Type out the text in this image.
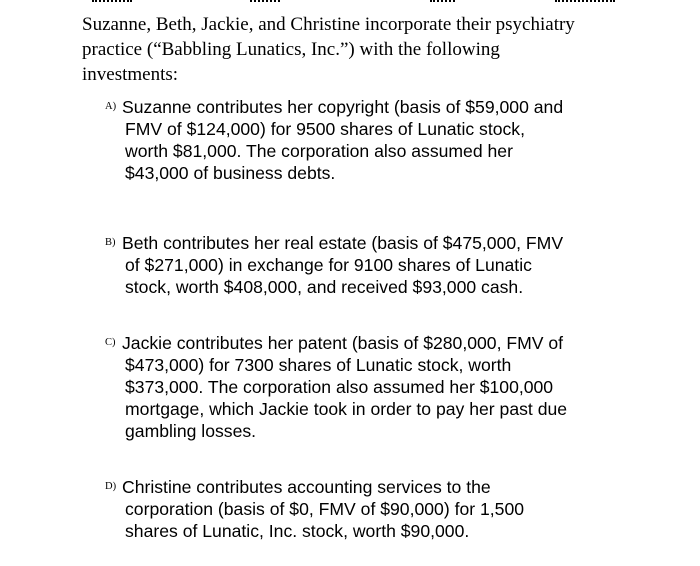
Suzanne, Beth, Jackie, and Christine incorporate their psychiatry
practice (“Babbling Lunatics, Inc.”) with the following
investments:
A) Suzanne contributes her copyright (basis of $59,000 and
FMV of $124,000) for 9500 shares of Lunatic stock,
worth $81,000. The corporation also assumed her
$43,000 of business debts.
B) Beth contributes her real estate (basis of $475,000, FMV
of $271,000) in exchange for 9100 shares of Lunatic
stock, worth $408,000, and received $93,000 cash.
C) Jackie contributes her patent (basis of $280,000, FMV of
$473,000) for 7300 shares of Lunatic stock, worth
$373,000. The corporation also assumed her $100,000
mortgage, which Jackie took in order to pay her past due
gambling losses.
D) Christine contributes accounting services to the
corporation (basis of $0, FMV of $90,000) for 1,500
shares of Lunatic, Inc. stock, worth $90,000.
